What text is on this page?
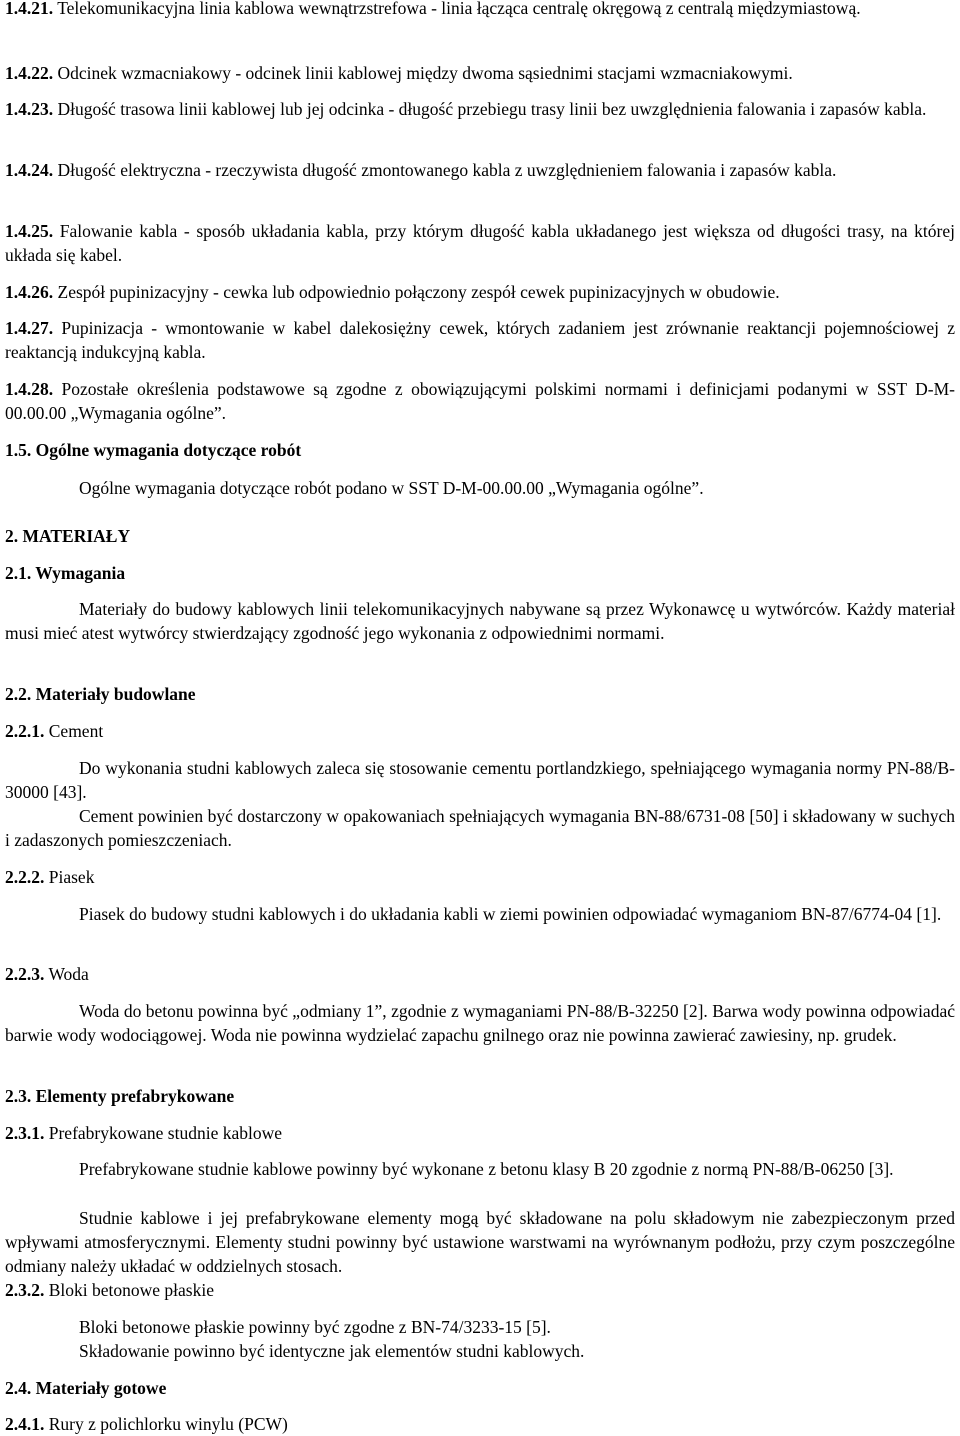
1.4.21. Telekomunikacyjna linia kablowa wewnątrzstrefowa - linia łącząca centralę okręgową z centralą międzymiastową.
1.4.22. Odcinek wzmacniakowy - odcinek linii kablowej między dwoma sąsiednimi stacjami wzmacniakowymi.
1.4.23. Długość trasowa linii kablowej lub jej odcinka - długość przebiegu trasy linii bez uwzględnienia falowania i zapasów kabla.
1.4.24. Długość elektryczna - rzeczywista długość zmontowanego kabla z uwzględnieniem falowania i zapasów kabla.
1.4.25. Falowanie kabla - sposób układania kabla, przy którym długość kabla układanego jest większa od długości trasy, na której układa się kabel.
1.4.26. Zespół pupinizacyjny - cewka lub odpowiednio połączony zespół cewek pupinizacyjnych w obudowie.
1.4.27. Pupinizacja - wmontowanie w kabel dalekosiężny cewek, których zadaniem jest zrównanie reaktancji pojemnościowej z reaktancją indukcyjną kabla.
1.4.28. Pozostałe określenia podstawowe są zgodne z obowiązującymi polskimi normami i definicjami podanymi w SST D-M-00.00.00 „Wymagania ogólne”.
1.5. Ogólne wymagania dotyczące robót
Ogólne wymagania dotyczące robót podano w SST D-M-00.00.00 „Wymagania ogólne”.
2. MATERIAŁY
2.1. Wymagania
Materiały do budowy kablowych linii telekomunikacyjnych nabywane są przez Wykonawcę u wytwórców. Każdy materiał musi mieć atest wytwórcy stwierdzający zgodność jego wykonania z odpowiednimi normami.
2.2. Materiały budowlane
2.2.1. Cement
Do wykonania studni kablowych zaleca się stosowanie cementu portlandzkiego, spełniającego wymagania normy PN-88/B-30000 [43].
Cement powinien być dostarczony w opakowaniach spełniających wymagania BN-88/6731-08 [50] i składowany w suchych i zadaszonych pomieszczeniach.
2.2.2. Piasek
Piasek do budowy studni kablowych i do układania kabli w ziemi powinien odpowiadać wymaganiom BN-87/6774-04 [1].
2.2.3. Woda
Woda do betonu powinna być „odmiany 1”, zgodnie z wymaganiami PN-88/B-32250 [2]. Barwa wody powinna odpowiadać barwie wody wodociągowej. Woda nie powinna wydzielać zapachu gnilnego oraz nie powinna zawierać zawiesiny, np. grudek.
2.3. Elementy prefabrykowane
2.3.1. Prefabrykowane studnie kablowe
Prefabrykowane studnie kablowe powinny być wykonane z betonu klasy B 20 zgodnie z normą PN-88/B-06250 [3].
Studnie kablowe i jej prefabrykowane elementy mogą być składowane na polu składowym nie zabezpieczonym przed wpływami atmosferycznymi. Elementy studni powinny być ustawione warstwami na wyrównanym podłożu, przy czym poszczególne odmiany należy układać w oddzielnych stosach.
2.3.2. Bloki betonowe płaskie
Bloki betonowe płaskie powinny być zgodne z BN-74/3233-15 [5].
Składowanie powinno być identyczne jak elementów studni kablowych.
2.4. Materiały gotowe
2.4.1. Rury z polichlorku winylu (PCW)
